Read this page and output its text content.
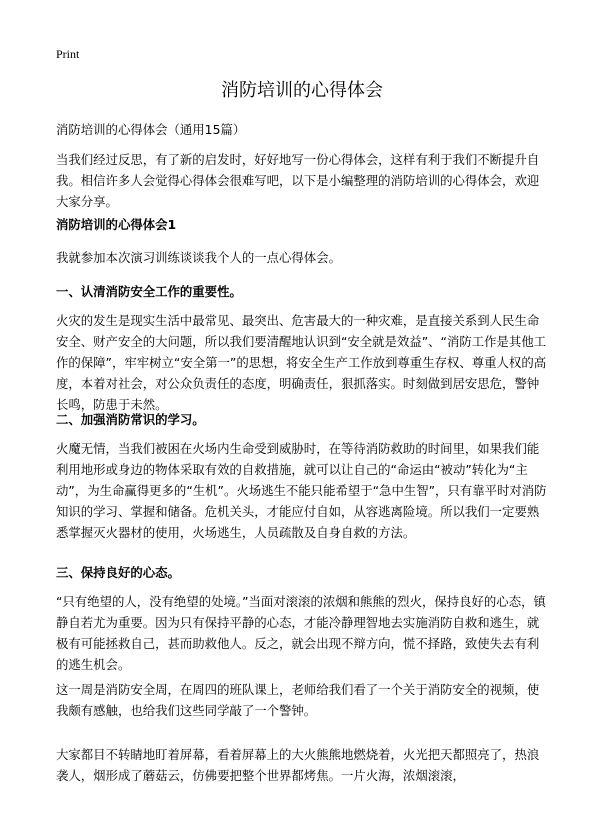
Print
消防培训的心得体会

消防培训的心得体会（通用15篇）

当我们经过反思，有了新的启发时，好好地写一份心得体会，这样有利于我们不断提升自我。相信许多人会觉得心得体会很难写吧，以下是小编整理的消防培训的心得体会，欢迎大家分享。

消防培训的心得体会1

我就参加本次演习训练谈谈我个人的一点心得体会。

一、认清消防安全工作的重要性。

火灾的发生是现实生活中最常见、最突出、危害最大的一种灾难，是直接关系到人民生命安全、财产安全的大问题，所以我们要清醒地认识到“安全就是效益”、“消防工作是其他工作的保障”，牢牢树立“安全第一”的思想，将安全生产工作放到尊重生存权、尊重人权的高度，本着对社会，对公众负责任的态度，明确责任，狠抓落实。时刻做到居安思危，警钟长鸣，防患于未然。

二、加强消防常识的学习。

火魔无情，当我们被困在火场内生命受到威胁时，在等待消防救助的时间里，如果我们能利用地形或身边的物体采取有效的自救措施，就可以让自己的“命运由“被动”转化为“主动”，为生命赢得更多的“生机”。火场逃生不能只能希望于“急中生智”，只有靠平时对消防知识的学习、掌握和储备。危机关头，才能应付自如，从容逃离险境。所以我们一定要熟悉掌握灭火器材的使用，火场逃生，人员疏散及自身自救的方法。

三、保持良好的心态。

“只有绝望的人，没有绝望的处境。”当面对滚滚的浓烟和熊熊的烈火，保持良好的心态，镇静自若尤为重要。因为只有保持平静的心态，才能冷静理智地去实施消防自救和逃生，就极有可能拯救自己，甚而助救他人。反之，就会出现不辩方向，慌不择路，致使失去有利的逃生机会。

这一周是消防安全周，在周四的班队课上，老师给我们看了一个关于消防安全的视频，使我颇有感触，也给我们这些同学敲了一个警钟。

大家都目不转睛地盯着屏幕，看着屏幕上的大火熊熊地燃烧着，火光把天都照亮了，热浪袭人，烟形成了蘑菇云，仿佛要把整个世界都烤焦。一片火海，浓烟滚滚，
